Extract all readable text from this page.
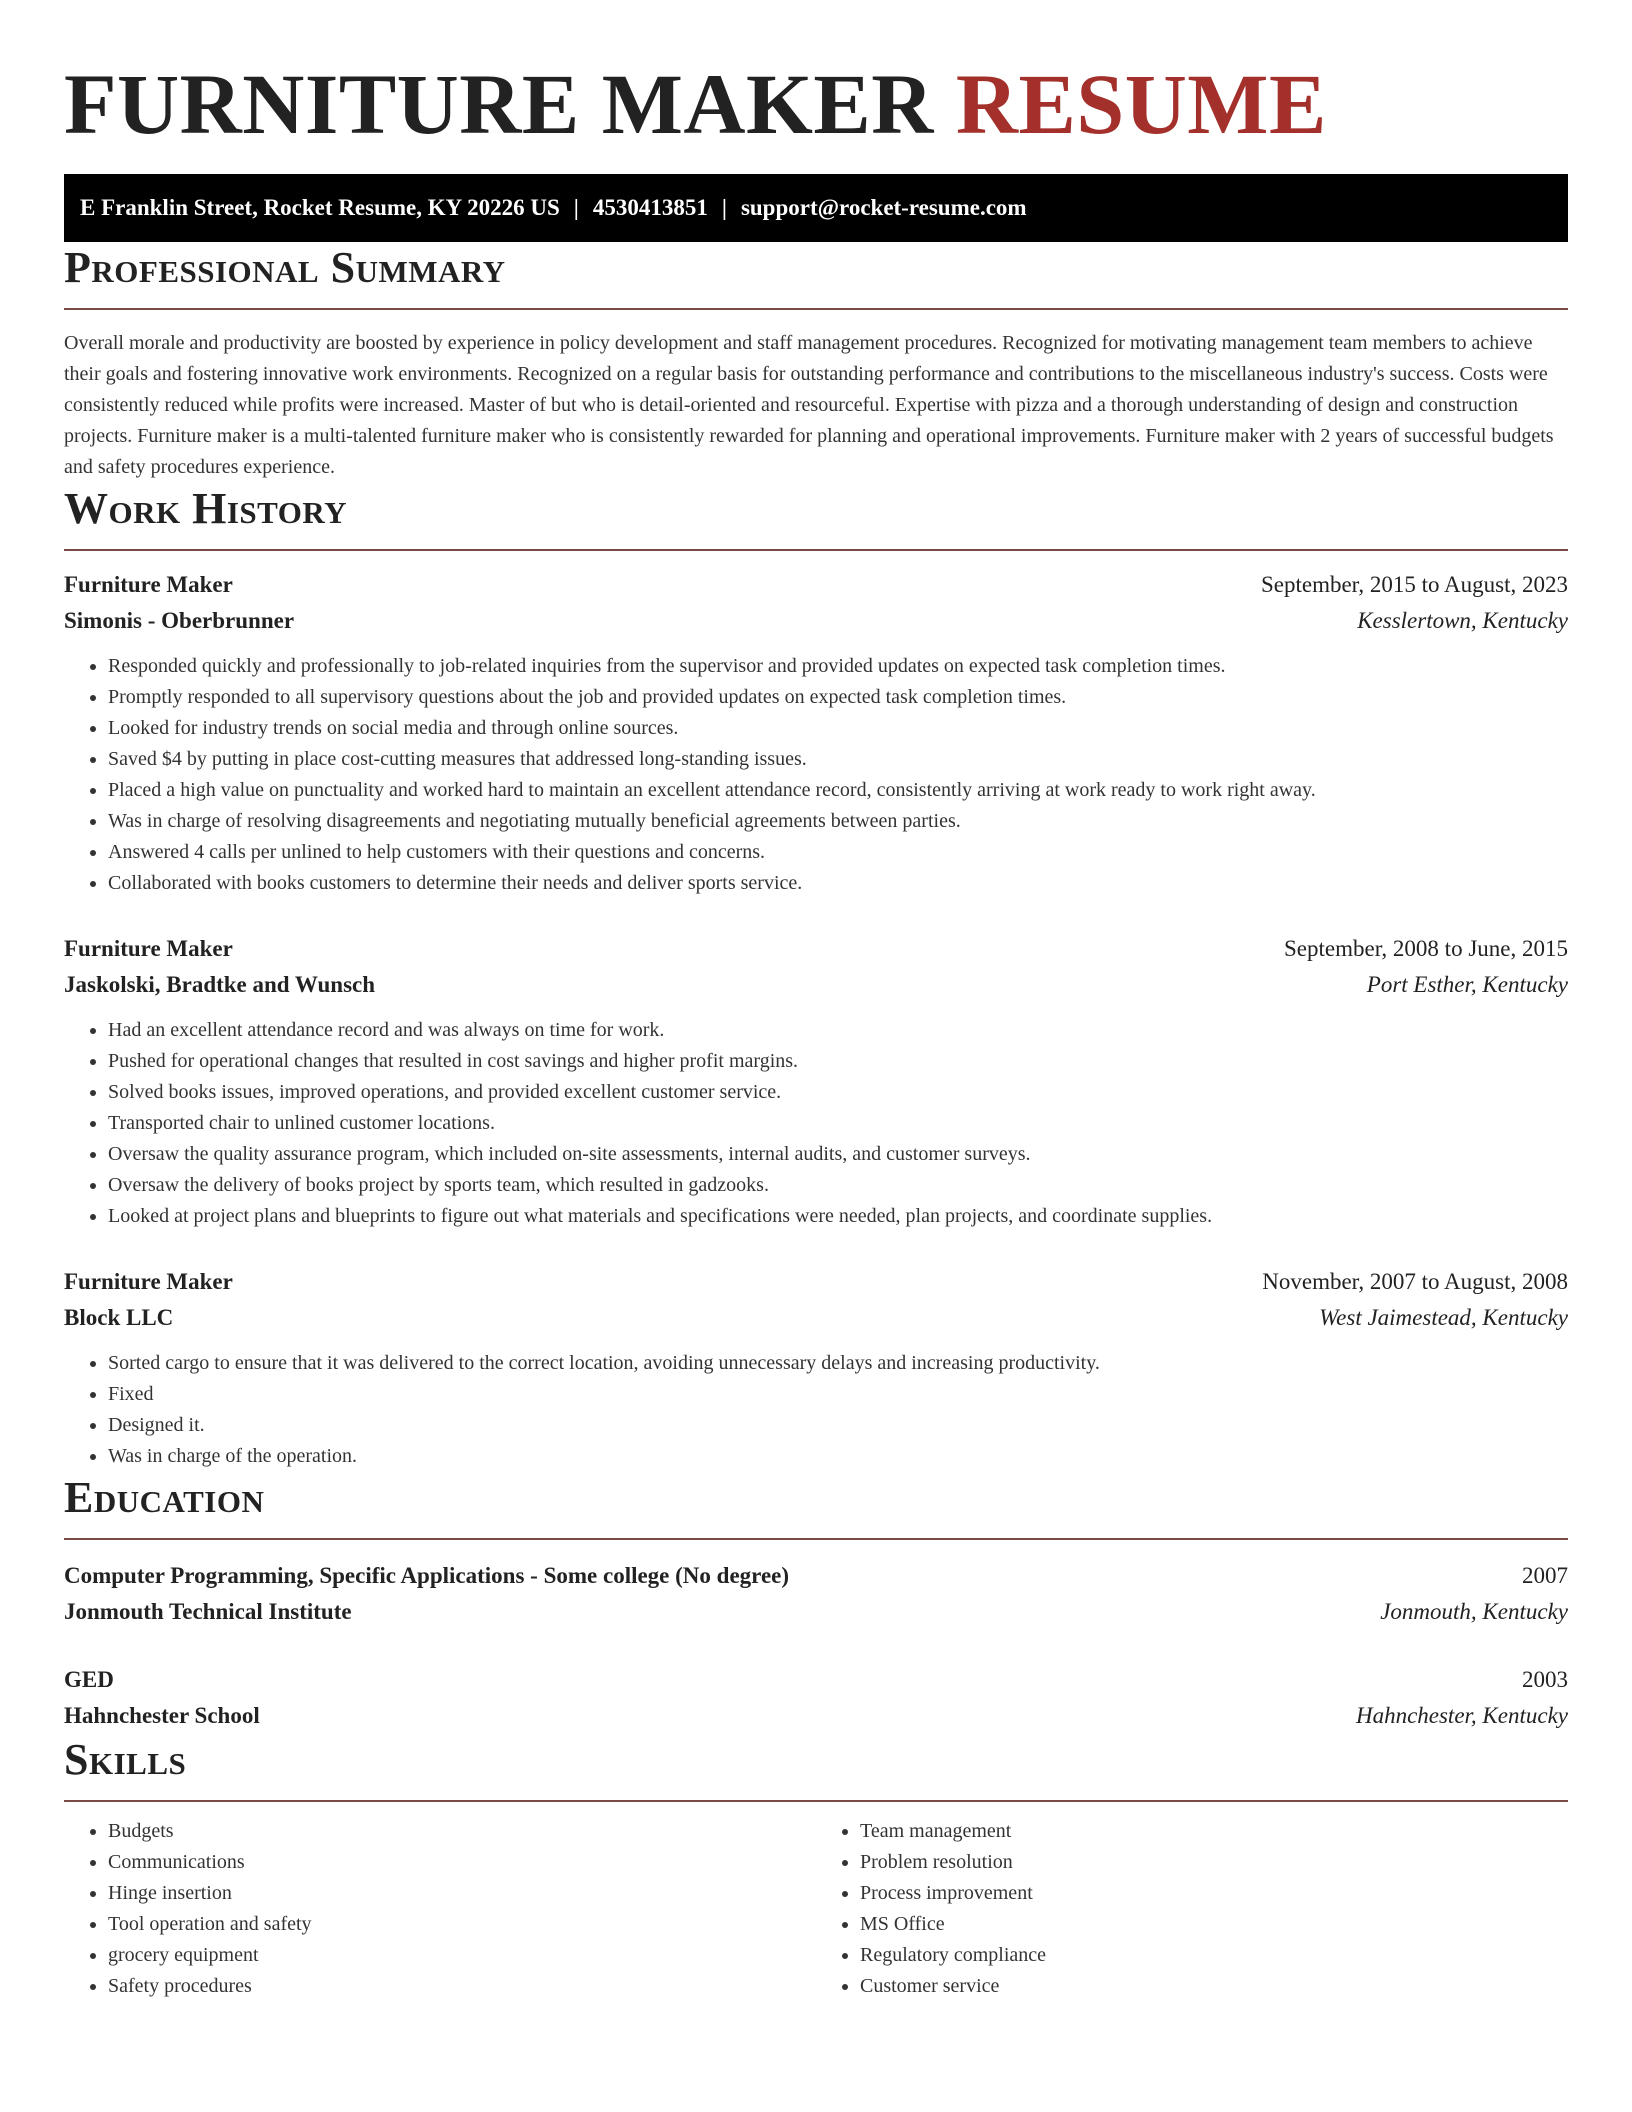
FURNITURE MAKER RESUME
E Franklin Street, Rocket Resume, KY 20226 US | 4530413851 | support@rocket-resume.com
Professional Summary

Overall morale and productivity are boosted by experience in policy development and staff management procedures. Recognized for motivating management team members to achieve their goals and fostering innovative work environments. Recognized on a regular basis for outstanding performance and contributions to the miscellaneous industry's success. Costs were consistently reduced while profits were increased. Master of but who is detail-oriented and resourceful. Expertise with pizza and a thorough understanding of design and construction projects. Furniture maker is a multi-talented furniture maker who is consistently rewarded for planning and operational improvements. Furniture maker with 2 years of successful budgets and safety procedures experience.

Work History
Furniture Maker	September, 2015 to August, 2023
Simonis - Oberbrunner	Kesslertown, Kentucky
• Responded quickly and professionally to job-related inquiries from the supervisor and provided updates on expected task completion times.
• Promptly responded to all supervisory questions about the job and provided updates on expected task completion times.
• Looked for industry trends on social media and through online sources.
• Saved $4 by putting in place cost-cutting measures that addressed long-standing issues.
• Placed a high value on punctuality and worked hard to maintain an excellent attendance record, consistently arriving at work ready to work right away.
• Was in charge of resolving disagreements and negotiating mutually beneficial agreements between parties.
• Answered 4 calls per unlined to help customers with their questions and concerns.
• Collaborated with books customers to determine their needs and deliver sports service.
Furniture Maker	September, 2008 to June, 2015
Jaskolski, Bradtke and Wunsch	Port Esther, Kentucky
• Had an excellent attendance record and was always on time for work.
• Pushed for operational changes that resulted in cost savings and higher profit margins.
• Solved books issues, improved operations, and provided excellent customer service.
• Transported chair to unlined customer locations.
• Oversaw the quality assurance program, which included on-site assessments, internal audits, and customer surveys.
• Oversaw the delivery of books project by sports team, which resulted in gadzooks.
• Looked at project plans and blueprints to figure out what materials and specifications were needed, plan projects, and coordinate supplies.
Furniture Maker	November, 2007 to August, 2008
Block LLC	West Jaimestead, Kentucky
• Sorted cargo to ensure that it was delivered to the correct location, avoiding unnecessary delays and increasing productivity.
• Fixed
• Designed it.
• Was in charge of the operation.
Education
Computer Programming, Specific Applications - Some college (No degree)	2007
Jonmouth Technical Institute	Jonmouth, Kentucky
GED	2003
Hahnchester School	Hahnchester, Kentucky
Skills
• Budgets
• Communications
• Hinge insertion
• Tool operation and safety
• grocery equipment
• Safety procedures
• Team management
• Problem resolution
• Process improvement
• MS Office
• Regulatory compliance
• Customer service
